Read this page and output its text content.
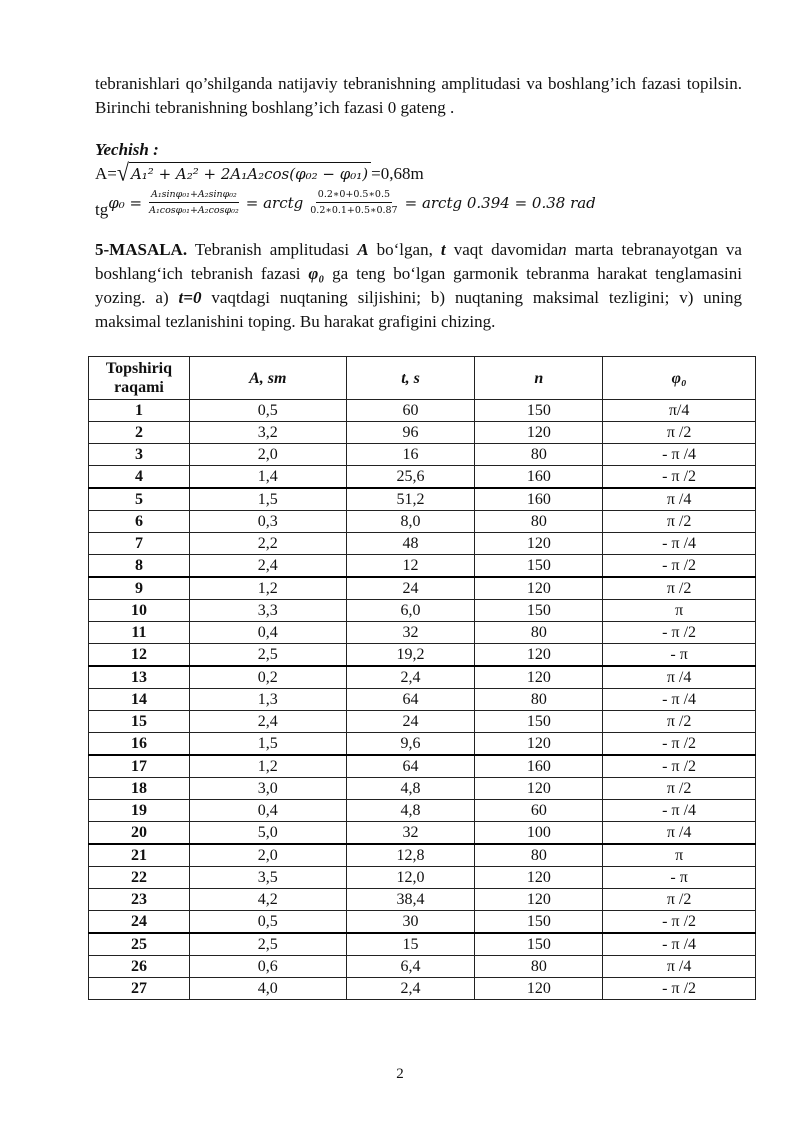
tebranishlari qo’shilganda natijaviy tebranishning amplitudasi va boshlang’ich fazasi topilsin. Birinchi tebranishning boshlang’ich fazasi 0 gateng .

Yechish :

A= √ A₁² + A₂² + 2A₁A₂cos(φ₀₂ − φ₀₁) =0,68m
tg $\varphi_0 = \frac{\text{A₁sinφ₀₁+A₂sinφ₀₂}}{\text{A₁cosφ₀₁+A₂cosφ₀₂}}$ = arctg $\frac{0.2∗0+0.5∗0.5}{0.2∗0.1+0.5∗0.87}$ = arctg 0.394 = 0.38 rad

5-MASALA. Tebranish amplitudasi A bo‘lgan, t vaqt davomidan marta tebranayotgan va boshlang‘ich tebranish fazasi φ₀ ga teng bo‘lgan garmonik tebranma harakat tenglamasini yozing. a) t=0 vaqtdagi nuqtaning siljishini; b) nuqtaning maksimal tezligini; v) uning maksimal tezlanishini toping. Bu harakat grafigini chizing.

Topshiriq raqami	A, sm	t, s	n	φ₀
1	0,5	60	150	π/4
2	3,2	96	120	π /2
3	2,0	16	80	- π /4
4	1,4	25,6	160	- π /2
5	1,5	51,2	160	π /4
6	0,3	8,0	80	π /2
7	2,2	48	120	- π /4
8	2,4	12	150	- π /2
9	1,2	24	120	π /2
10	3,3	6,0	150	π
11	0,4	32	80	- π /2
12	2,5	19,2	120	- π
13	0,2	2,4	120	π /4
14	1,3	64	80	- π /4
15	2,4	24	150	π /2
16	1,5	9,6	120	- π /2
17	1,2	64	160	- π /2
18	3,0	4,8	120	π /2
19	0,4	4,8	60	- π /4
20	5,0	32	100	π /4
21	2,0	12,8	80	π
22	3,5	12,0	120	- π
23	4,2	38,4	120	π /2
24	0,5	30	150	- π /2
25	2,5	15	150	- π /4
26	0,6	6,4	80	π /4
27	4,0	2,4	120	- π /2
2
